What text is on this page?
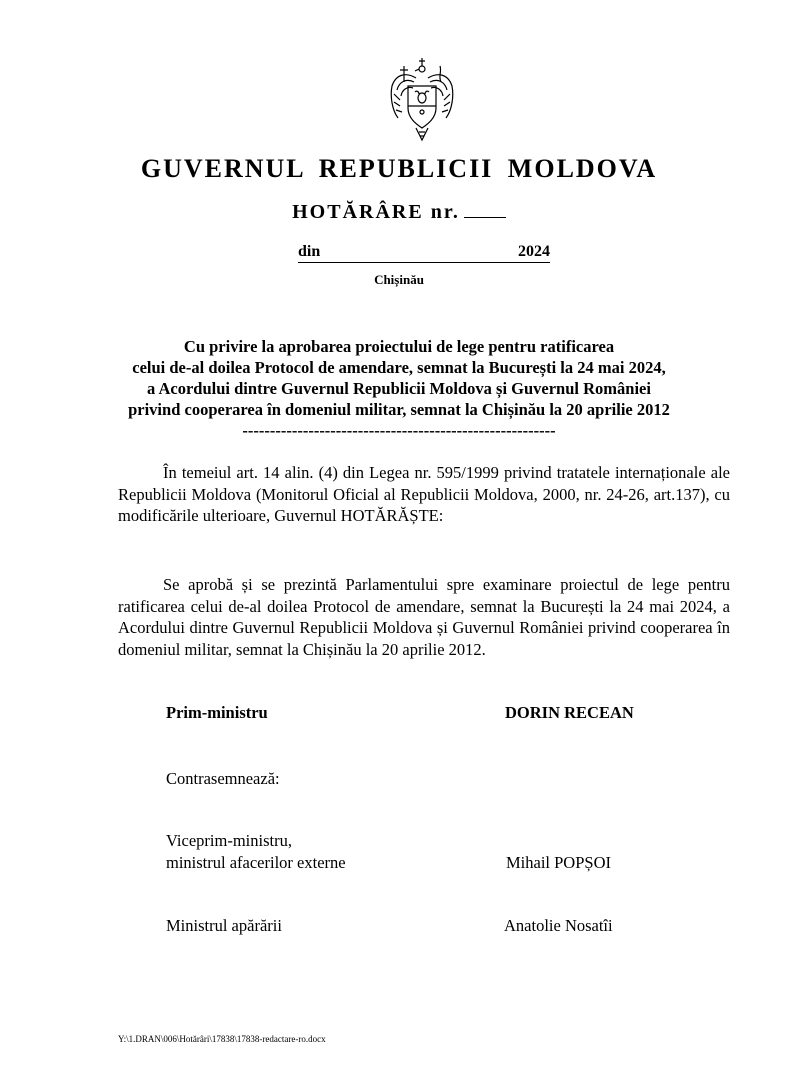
GUVERNUL REPUBLICII MOLDOVA
HOTĂRÂRE nr.
din	2024
Chișinău
Cu privire la aprobarea proiectului de lege pentru ratificarea
celui de-al doilea Protocol de amendare, semnat la București la 24 mai 2024,
a Acordului dintre Guvernul Republicii Moldova și Guvernul României
privind cooperarea în domeniul militar, semnat la Chișinău la 20 aprilie 2012
---------------------------------------------------------
În temeiul art. 14 alin. (4) din Legea nr. 595/1999 privind tratatele internaționale ale Republicii Moldova (Monitorul Oficial al Republicii Moldova, 2000, nr. 24-26, art.137), cu modificările ulterioare, Guvernul HOTĂRĂȘTE:
Se aprobă și se prezintă Parlamentului spre examinare proiectul de lege pentru ratificarea celui de-al doilea Protocol de amendare, semnat la București la 24 mai 2024, a Acordului dintre Guvernul Republicii Moldova și Guvernul României privind cooperarea în domeniul militar, semnat la Chișinău la 20 aprilie 2012.
Prim-ministru	DORIN RECEAN
Contrasemnează:
Viceprim-ministru,
ministrul afacerilor externe	Mihail POPȘOI
Ministrul apărării	Anatolie Nosatîi
Y:\1.DRAN\006\Hotărâri\17838\17838-redactare-ro.docx
